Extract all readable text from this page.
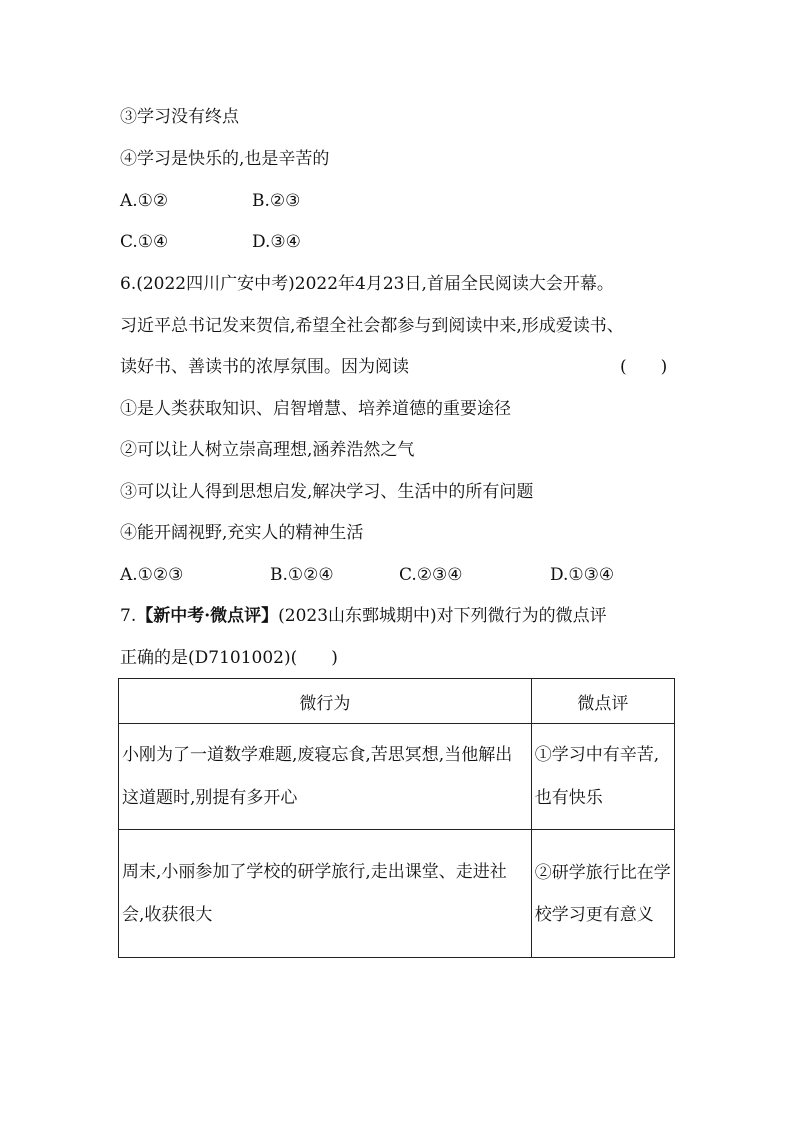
③学习没有终点
④学习是快乐的,也是辛苦的
A.①②	B.②③
C.①④	D.③④
6.(2022四川广安中考)2022年4月23日,首届全民阅读大会开幕。
习近平总书记发来贺信,希望全社会都参与到阅读中来,形成爱读书、
读好书、善读书的浓厚氛围。因为阅读	(　　)
①是人类获取知识、启智增慧、培养道德的重要途径
②可以让人树立崇高理想,涵养浩然之气
③可以让人得到思想启发,解决学习、生活中的所有问题
④能开阔视野,充实人的精神生活
A.①②③	B.①②④	C.②③④	D.①③④
7.【新中考·微点评】(2023山东鄄城期中)对下列微行为的微点评
正确的是(D7101002)(　　)
微行为	微点评

小刚为了一道数学难题,废寝忘食,苦思冥想,当他解出这道题时,别提有多开心	①学习中有辛苦,也有快乐

周末,小丽参加了学校的研学旅行,走出课堂、走进社会,收获很大	②研学旅行比在学校学习更有意义
